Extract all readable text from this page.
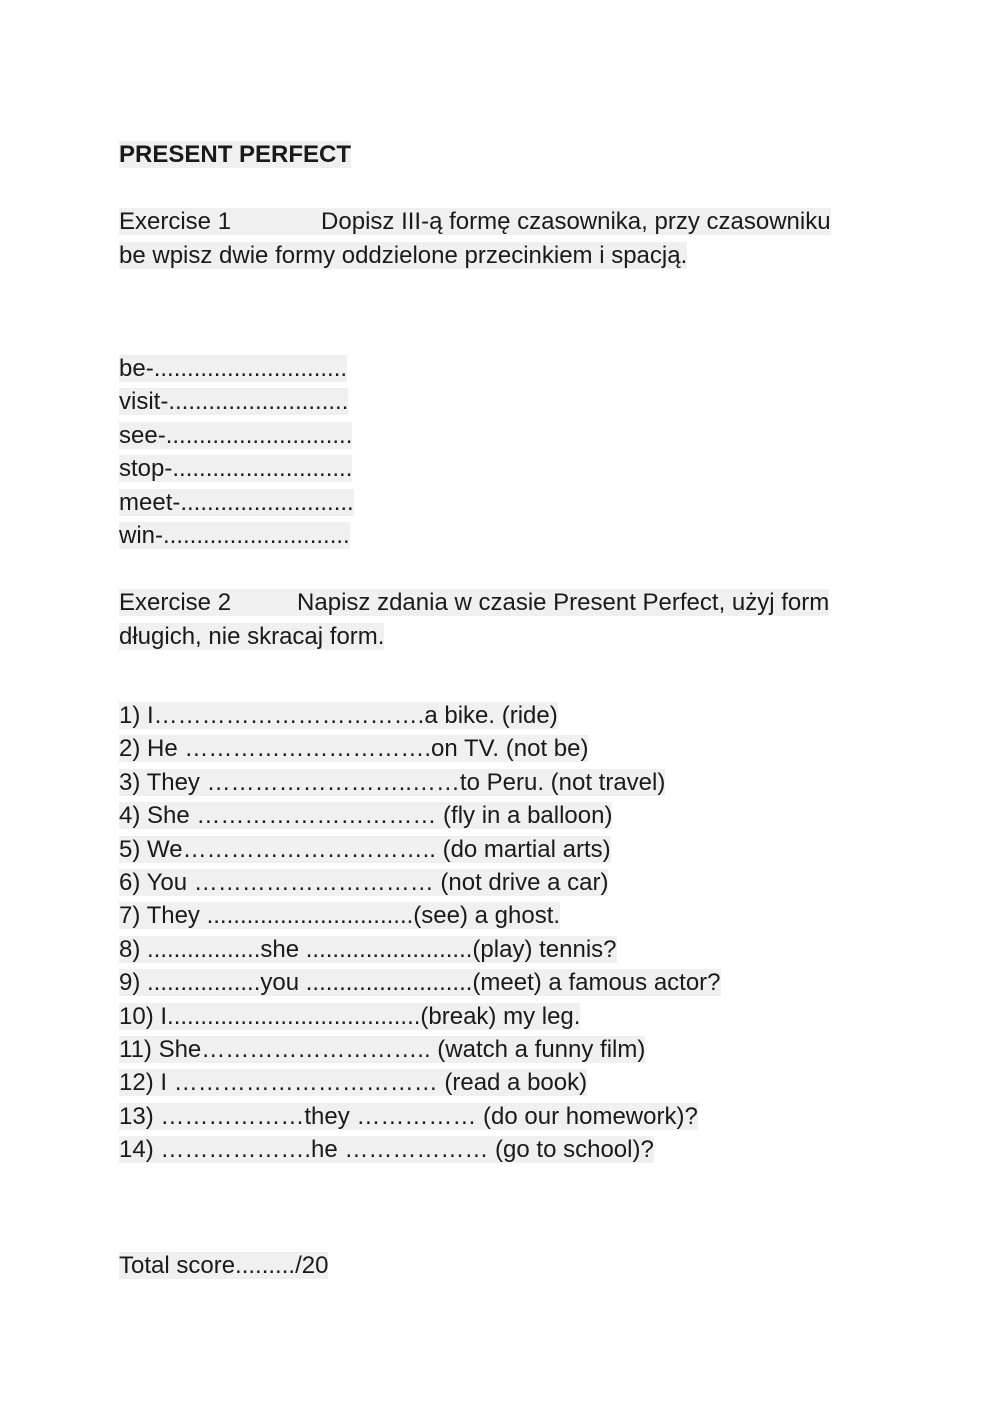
PRESENT PERFECT
Exercise 1	Dopisz III-ą formę czasownika, przy czasowniku be wpisz dwie formy oddzielone przecinkiem i spacją.
be-.............................
visit-...........................
see-............................
stop-...........................
meet-..........................
win-............................
Exercise 2	Napisz zdania w czasie Present Perfect, użyj form długich, nie skracaj form.
1) I…………………………….a bike. (ride)
2) He ………………………….on TV. (not be)
3) They ……………………..……to Peru. (not travel)
4) She ………………………… (fly in a balloon)
5) We………………………….. (do martial arts)
6) You ………………………… (not drive a car)
7) They ...............................(see) a ghost.
8) .................she .........................(play) tennis?
9) .................you .........................(meet) a famous actor?
10) I......................................(break) my leg.
11) She……………………….. (watch a funny film)
12) I …………………………… (read a book)
13) ………………they …………… (do our homework)?
14) ……………….he ……………… (go to school)?
Total score........./20
